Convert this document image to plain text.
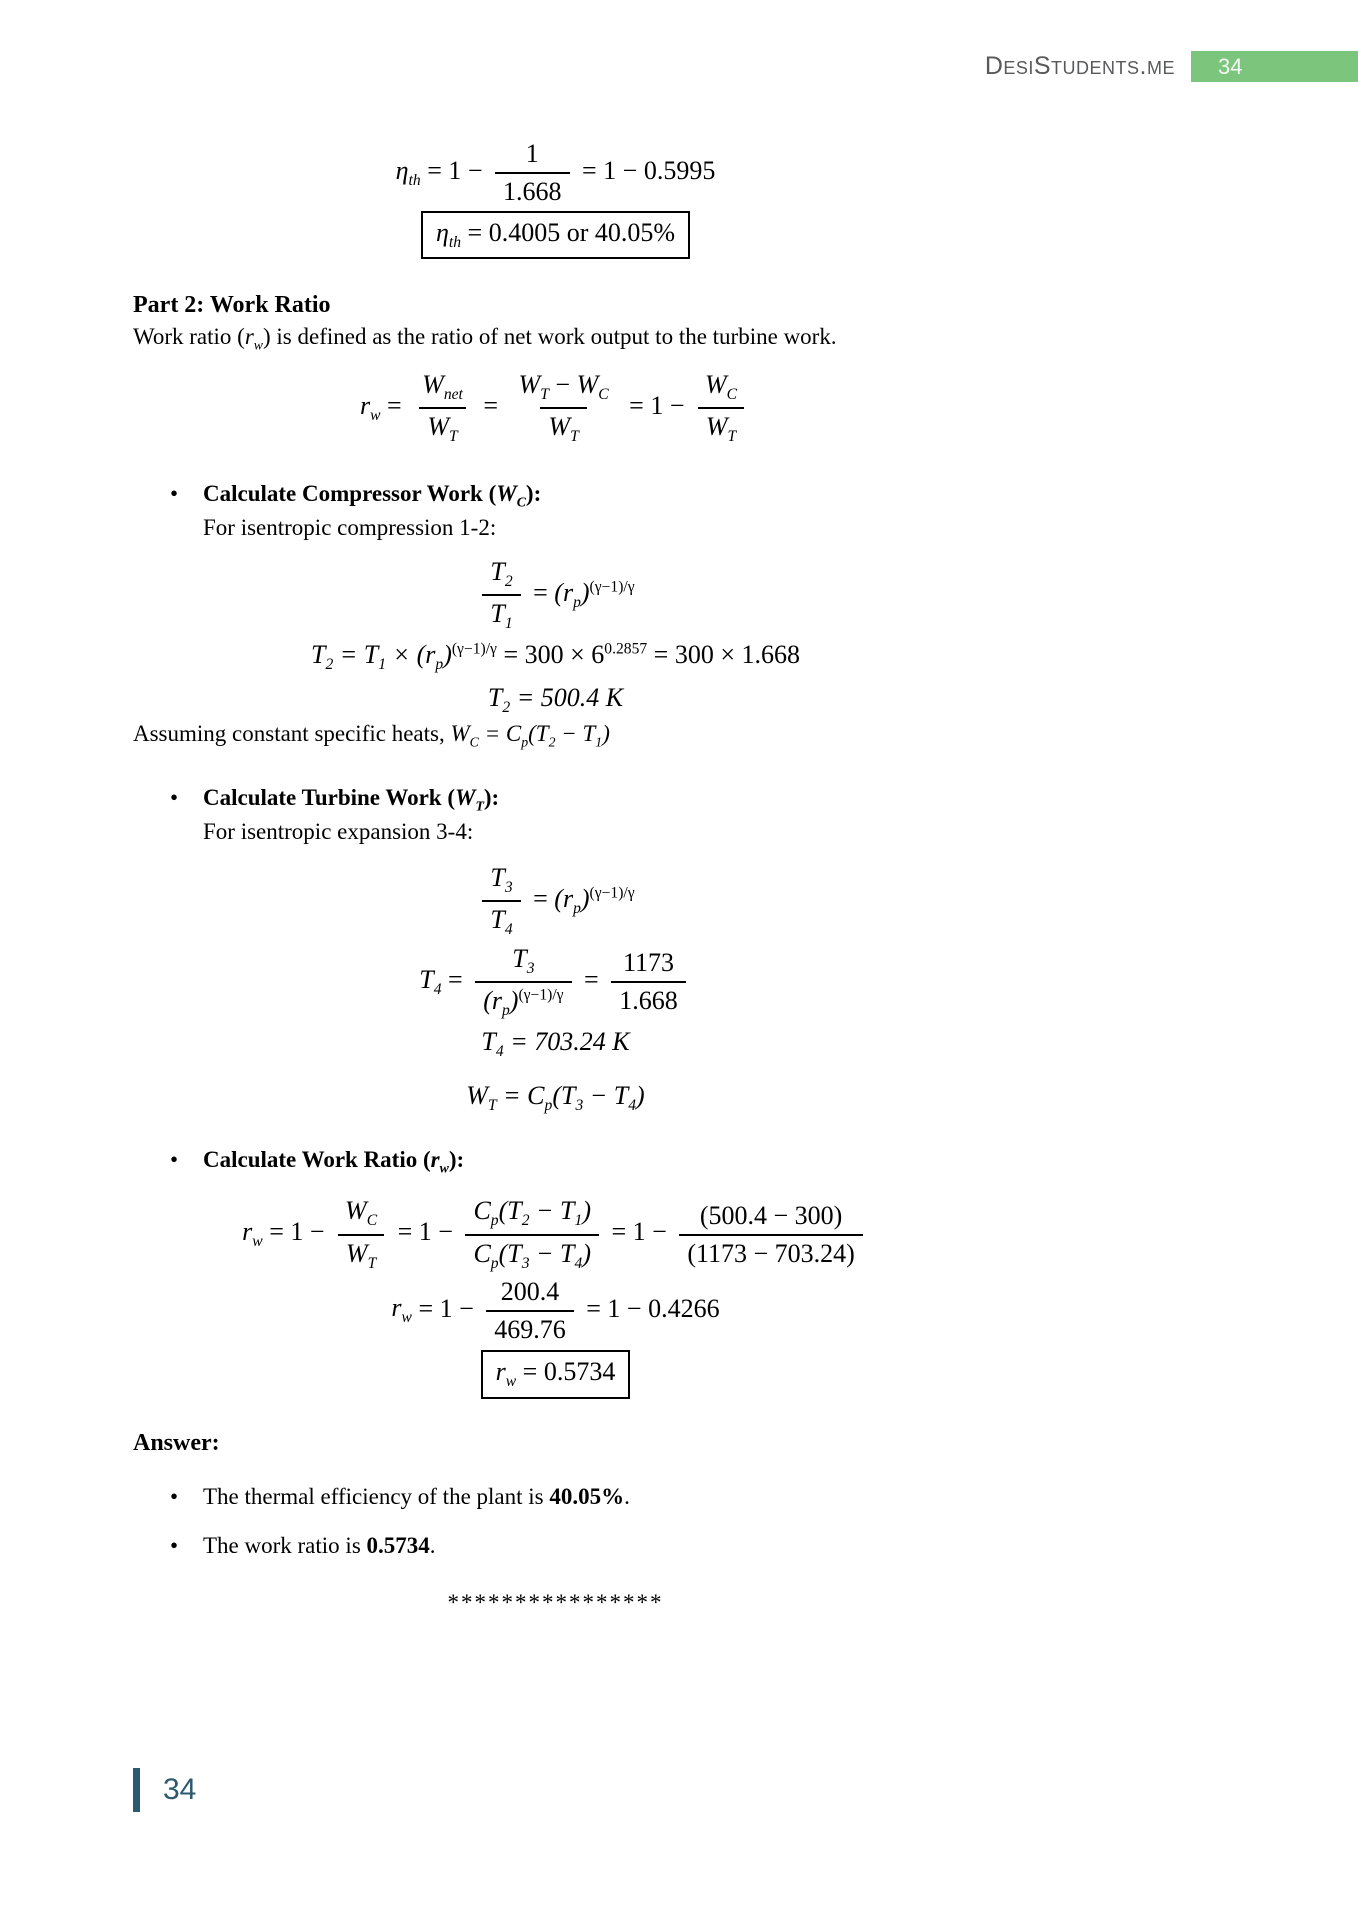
DesiStudents.me	34
$\eta_{th} = 1 - \frac{1}{1.668} = 1 - 0.5995$
$\eta_{th} = 0.4005$ or 40.05%
Part 2: Work Ratio

Work ratio $(r_w)$ is defined as the ratio of net work output to the turbine work.

$r_w = \frac{W_{net}}{W_T} = \frac{W_T - W_C}{W_T} = 1 - \frac{W_C}{W_T}$
•	Calculate Compressor Work $(W_C)$:
For isentropic compression 1-2:
$\frac{T_2}{T_1} = (r_p)^{(\gamma-1)/\gamma}$
$T_2 = T_1 \times (r_p)^{(\gamma-1)/\gamma} = 300 \times 6^{0.2857} = 300 \times 1.668$
$T_2 = 500.4$ K

Assuming constant specific heats, $W_C = C_p(T_2 - T_1)$

•	Calculate Turbine Work $(W_T)$:
For isentropic expansion 3-4:
$\frac{T_3}{T_4} = (r_p)^{(\gamma-1)/\gamma}$
$T_4 = \frac{T_3}{(r_p)^{(\gamma-1)/\gamma}} = \frac{1173}{1.668}$
$T_4 = 703.24$ K
$W_T = C_p(T_3 - T_4)$
•	Calculate Work Ratio $(r_w)$:
$r_w = 1 - \frac{W_C}{W_T} = 1 - \frac{C_p(T_2 - T_1)}{C_p(T_3 - T_4)} = 1 - \frac{(500.4 - 300)}{(1173 - 703.24)}$
$r_w = 1 - \frac{200.4}{469.76} = 1 - 0.4266$
$r_w = 0.5734$
Answer:
•	The thermal efficiency of the plant is 40.05%.
•	The work ratio is 0.5734.
****************
34
